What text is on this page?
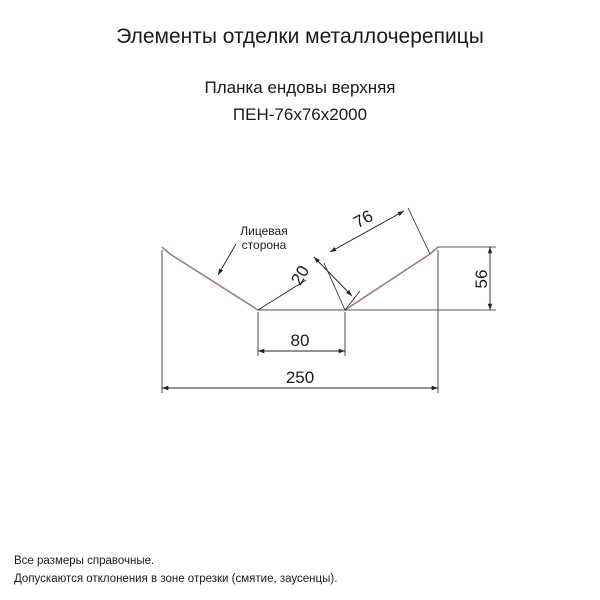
Элементы отделки металлочерепицы
Планка ендовы верхняя
ПЕН-76х76х2000
76
20	56
80
250
Лицевая
сторона
Все размеры справочные.
Допускаются отклонения в зоне отрезки (смятие, заусенцы).
